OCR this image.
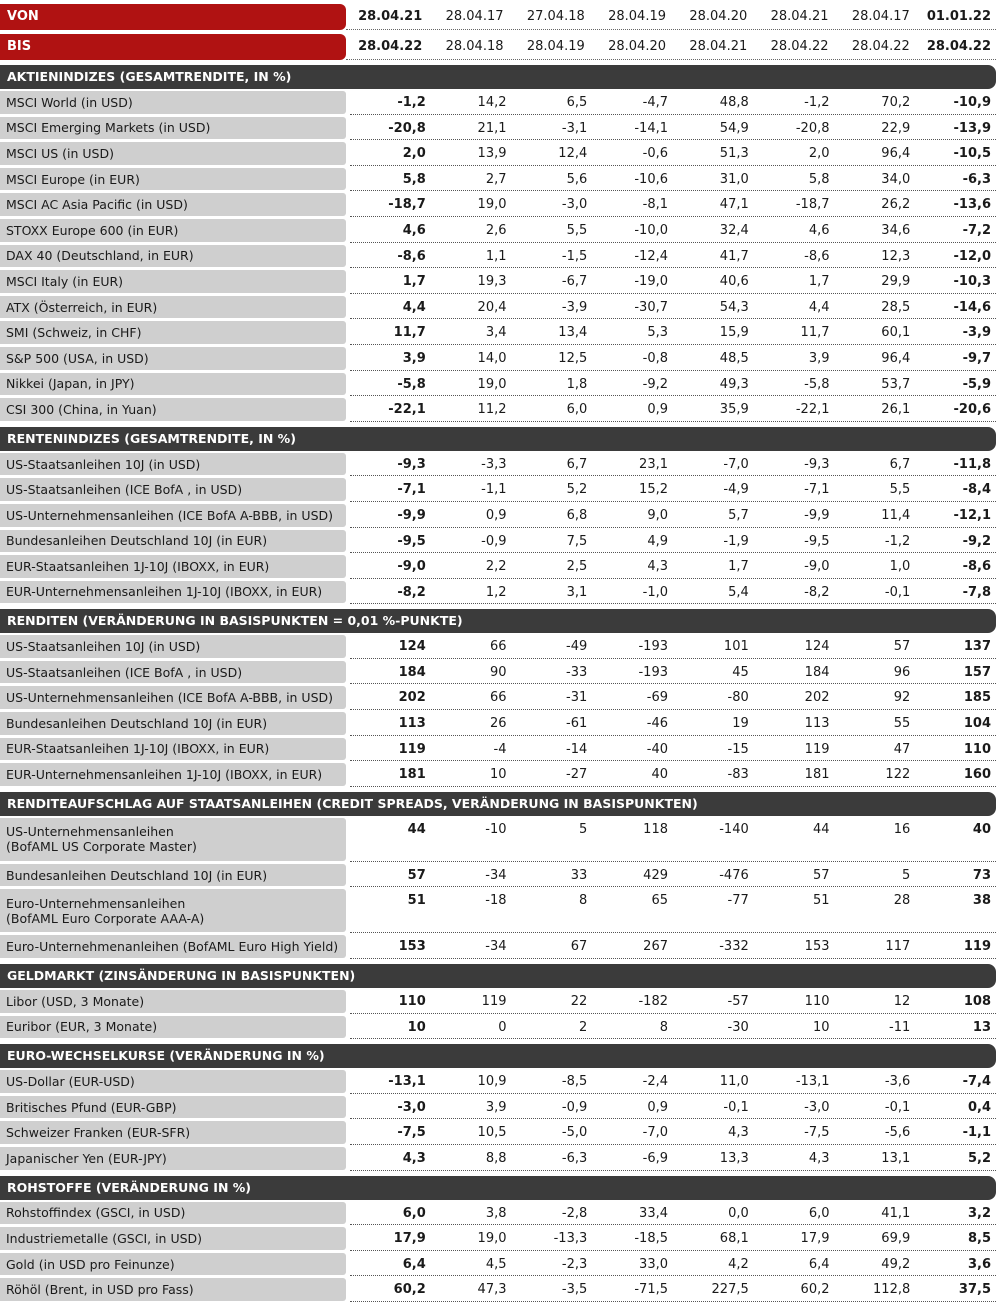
VON	28.04.21	28.04.17	27.04.18	28.04.19	28.04.20	28.04.21	28.04.17	01.01.22
BIS	28.04.22	28.04.18	28.04.19	28.04.20	28.04.21	28.04.22	28.04.22	28.04.22
AKTIENINDIZES (GESAMTRENDITE, IN %)
MSCI World (in USD)	-1,2	14,2	6,5	-4,7	48,8	-1,2	70,2	-10,9
MSCI Emerging Markets (in USD)	-20,8	21,1	-3,1	-14,1	54,9	-20,8	22,9	-13,9
MSCI US (in USD)	2,0	13,9	12,4	-0,6	51,3	2,0	96,4	-10,5
MSCI Europe (in EUR)	5,8	2,7	5,6	-10,6	31,0	5,8	34,0	-6,3
MSCI AC Asia Pacific (in USD)	-18,7	19,0	-3,0	-8,1	47,1	-18,7	26,2	-13,6
STOXX Europe 600 (in EUR)	4,6	2,6	5,5	-10,0	32,4	4,6	34,6	-7,2
DAX 40 (Deutschland, in EUR)	-8,6	1,1	-1,5	-12,4	41,7	-8,6	12,3	-12,0
MSCI Italy (in EUR)	1,7	19,3	-6,7	-19,0	40,6	1,7	29,9	-10,3
ATX (Österreich, in EUR)	4,4	20,4	-3,9	-30,7	54,3	4,4	28,5	-14,6
SMI (Schweiz, in CHF)	11,7	3,4	13,4	5,3	15,9	11,7	60,1	-3,9
S&P 500 (USA, in USD)	3,9	14,0	12,5	-0,8	48,5	3,9	96,4	-9,7
Nikkei (Japan, in JPY)	-5,8	19,0	1,8	-9,2	49,3	-5,8	53,7	-5,9
CSI 300 (China, in Yuan)	-22,1	11,2	6,0	0,9	35,9	-22,1	26,1	-20,6
RENTENINDIZES (GESAMTRENDITE, IN %)
US-Staatsanleihen 10J (in USD)	-9,3	-3,3	6,7	23,1	-7,0	-9,3	6,7	-11,8
US-Staatsanleihen (ICE BofA , in USD)	-7,1	-1,1	5,2	15,2	-4,9	-7,1	5,5	-8,4
US-Unternehmensanleihen (ICE BofA A-BBB, in USD)	-9,9	0,9	6,8	9,0	5,7	-9,9	11,4	-12,1
Bundesanleihen Deutschland 10J (in EUR)	-9,5	-0,9	7,5	4,9	-1,9	-9,5	-1,2	-9,2
EUR-Staatsanleihen 1J-10J (IBOXX, in EUR)	-9,0	2,2	2,5	4,3	1,7	-9,0	1,0	-8,6
EUR-Unternehmensanleihen 1J-10J (IBOXX, in EUR)	-8,2	1,2	3,1	-1,0	5,4	-8,2	-0,1	-7,8
RENDITEN (VERÄNDERUNG IN BASISPUNKTEN = 0,01 %-PUNKTE)
US-Staatsanleihen 10J (in USD)	124	66	-49	-193	101	124	57	137
US-Staatsanleihen (ICE BofA , in USD)	184	90	-33	-193	45	184	96	157
US-Unternehmensanleihen (ICE BofA A-BBB, in USD)	202	66	-31	-69	-80	202	92	185
Bundesanleihen Deutschland 10J (in EUR)	113	26	-61	-46	19	113	55	104
EUR-Staatsanleihen 1J-10J (IBOXX, in EUR)	119	-4	-14	-40	-15	119	47	110
EUR-Unternehmensanleihen 1J-10J (IBOXX, in EUR)	181	10	-27	40	-83	181	122	160
RENDITEAUFSCHLAG AUF STAATSANLEIHEN (CREDIT SPREADS, VERÄNDERUNG IN BASISPUNKTEN)
US-Unternehmensanleihen
(BofAML US Corporate Master)
44	-10	5	118	-140	44	16	40
Bundesanleihen Deutschland 10J (in EUR)	57	-34	33	429	-476	57	5	73
Euro-Unternehmensanleihen
(BofAML Euro Corporate AAA-A)
51	-18	8	65	-77	51	28	38
Euro-Unternehmenanleihen (BofAML Euro High Yield)	153	-34	67	267	-332	153	117	119
GELDMARKT (ZINSÄNDERUNG IN BASISPUNKTEN)
Libor (USD, 3 Monate)	110	119	22	-182	-57	110	12	108
Euribor (EUR, 3 Monate)	10	0	2	8	-30	10	-11	13
EURO-WECHSELKURSE (VERÄNDERUNG IN %)
US-Dollar (EUR-USD)	-13,1	10,9	-8,5	-2,4	11,0	-13,1	-3,6	-7,4
Britisches Pfund (EUR-GBP)	-3,0	3,9	-0,9	0,9	-0,1	-3,0	-0,1	0,4
Schweizer Franken (EUR-SFR)	-7,5	10,5	-5,0	-7,0	4,3	-7,5	-5,6	-1,1
Japanischer Yen (EUR-JPY)	4,3	8,8	-6,3	-6,9	13,3	4,3	13,1	5,2
ROHSTOFFE (VERÄNDERUNG IN %)
Rohstoffindex (GSCI, in USD)	6,0	3,8	-2,8	33,4	0,0	6,0	41,1	3,2
Industriemetalle (GSCI, in USD)	17,9	19,0	-13,3	-18,5	68,1	17,9	69,9	8,5
Gold (in USD pro Feinunze)	6,4	4,5	-2,3	33,0	4,2	6,4	49,2	3,6
Röhöl (Brent, in USD pro Fass)	60,2	47,3	-3,5	-71,5	227,5	60,2	112,8	37,5
